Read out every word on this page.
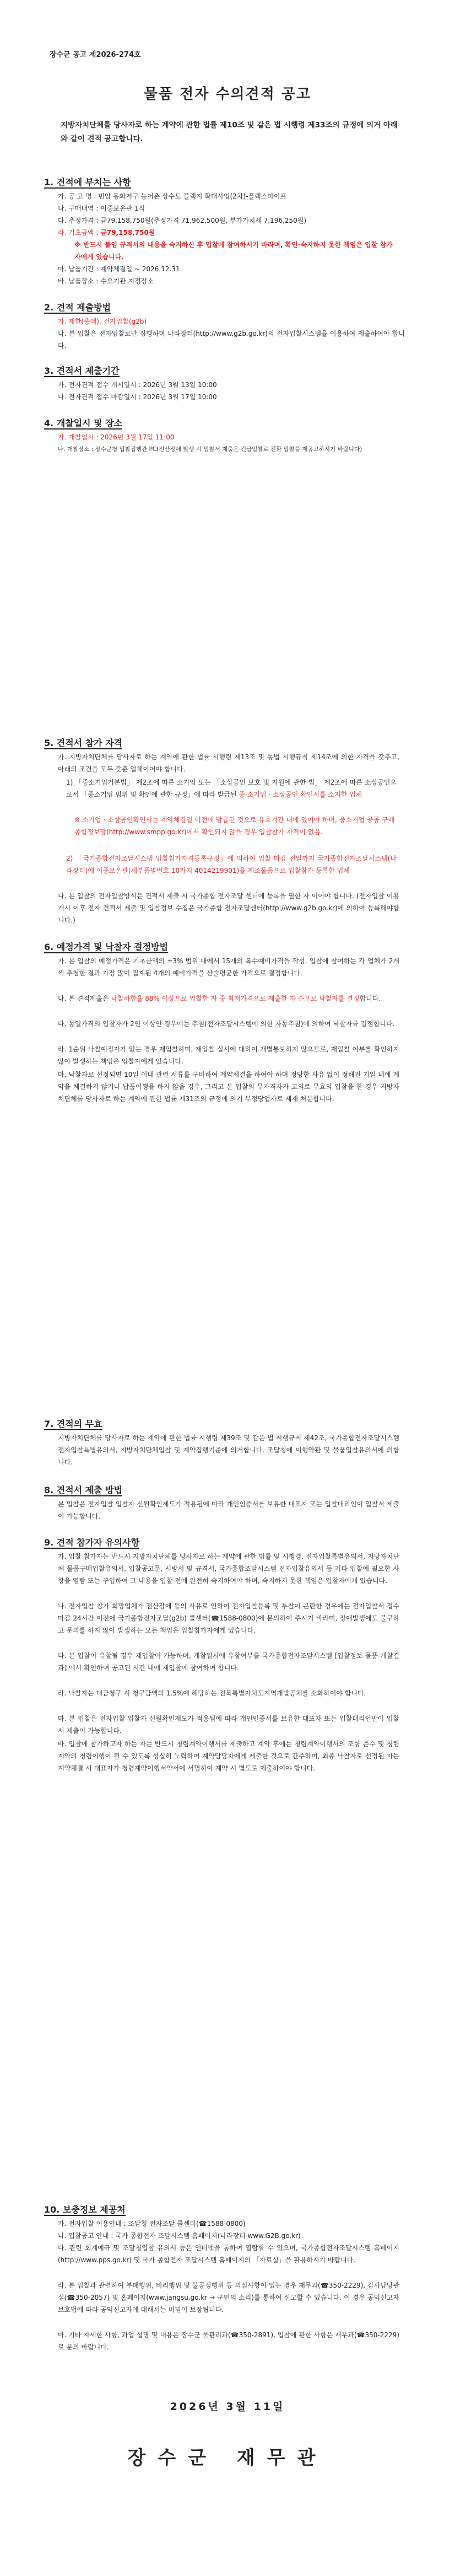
장수군 공고 제2026-274호
물품 전자 수의견적 공고
지방자치단체를 당사자로 하는 계약에 관한 법률 제10조 및 같은 법 시행령 제33조의 규정에 의거 아래와 같이 견적 공고합니다.
1. 견적에 부치는 사항
가. 공 고 명 : 번암 동화저구 농어촌 상수도 블랙지 확대사업(2차)-플렉스파이프
나. 구매내역 : 이중보온관 1식
다. 추정가격 : 금79,158,750원(추정가격 71,962,500원, 부가가치세 7,196,250원)
라. 기초금액 : 금79,158,750원
※ 반드시 붙임 규격서의 내용을 숙지하신 후 입찰에 참여하시기 바라며, 확인·숙지하지 못한 책임은 입찰 참가자에게 있습니다.
마. 납품기간 : 계약체결일 ~ 2026.12.31.
바. 납품장소 : 수요기관 지정장소
2. 견적 제출방법
가. 제한(총액), 전자입찰(g2b)
나. 본 입찰은 전자입찰로만 집행하며 나라장터(http://www.g2b.go.kr)의 전자입찰시스템을 이용하여 제출하여야 합니다.
3. 견적서 제출기간
가. 전자견적 접수 개시일시 : 2026년 3월 13일 10:00
나. 전자견적 접수 마감일시 : 2026년 3월 17일 10:00
4. 개찰일시 및 장소
가. 개찰일시 : 2026년 3월 17일 11:00
나. 개찰장소 : 장수군청 입찰집행관 PC(전산장애 발생 시 입찰서 제출은 긴급입찰로 전환 입찰을 재공고하시기 바랍니다)
5. 견적서 참가 자격
가. 지방자치단체를 당사자로 하는 계약에 관한 법률 시행령 제13조 및 동법 시행규칙 제14조에 의한 자격을 갖추고, 아래의 조건을 모두 갖춘 업체이어야 합니다.
1) 「중소기업기본법」 제2조에 따른 소기업 또는 「소상공인 보호 및 지원에 관한 법」 제2조에 따른 소상공인으로서 「중소기업 범위 및 확인에 관한 규정」에 따라 발급된 중·소기업 · 소상공인 확인서를 소지한 업체
※ 소기업 · 소상공인확인서는 계약체결일 이전에 발급된 것으로 유효기간 내에 있어야 하며, 중소기업 공공 구매 종합정보망(http://www.smpp.go.kr)에서 확인되지 않을 경우 입찰참가 자격이 없음.
2) 「국가종합전자조달시스템 입찰참가자격등록규정」에 의하여 입찰 마감 전일까지 국가종합전자조달시스템(나라장터)에 이중보온관(세부품명번호 10가지 4014219901)을 제조물품으로 입찰참가 등록한 업체
나. 본 입찰의 전자입찰방식은 견적서 제출 시 국가종합 전자조달 센터에 등록을 필한 자 이어야 합니다. (전자입찰 이용개시 이후 전자 견적서 제출 및 입찰정보 수집은 국가종합 전자조달센터(http://www.g2b.go.kr)에 의하여 등록해야합니다.)
6. 예정가격 및 낙찰자 결정방법
가. 본 입찰의 예정가격은 기초금액의 ±3% 범위 내에서 15개의 복수예비가격을 작성, 입찰에 참여하는 각 업체가 2개씩 추첨한 결과 가장 많이 집계된 4개의 예비가격을 산술평균한 가격으로 결정합니다.
나. 본 견적제출은 낙찰하한율 88% 이상으로 입찰한 자 중 최저가격으로 제출한 자 순으로 낙찰자를 결정합니다.
다. 동일가격의 입찰자가 2인 이상인 경우에는 추첨(전자조달시스템에 의한 자동추첨)에 의하여 낙찰자를 결정합니다.
라. 1순위 낙찰예정자가 없는 경우 재입찰하며, 재입찰 실시에 대하여 개별통보하지 않으므로, 재입찰 여부를 확인하지 않아 발생하는 책임은 입찰자에게 있습니다.
마. 낙찰자로 선정되면 10일 이내 관련 서류를 구비하여 계약체결을 하여야 하며 정당한 사유 없이 정해진 기일 내에 계약을 체결하지 않거나 납품이행을 하지 않을 경우, 그리고 본 입찰의 무자격자가 고의로 무효의 입찰을 한 경우 지방자치단체를 당사자로 하는 계약에 관한 법률 제31조의 규정에 의거 부정당업자로 제재 처분합니다.
7. 견적의 무효
지방자치단체를 당사자로 하는 계약에 관한 법률 시행령 제39조 및 같은 법 시행규칙 제42조, 국가종합전자조달시스템전자입찰특별유의서, 지방자치단체입찰 및 계약집행기준에 의거합니다. 조달청에 이행약관 및 물품입찰유의서에 의합니다.
8. 견적서 제출 방법
본 입찰은 전자입찰 입찰자 신원확인제도가 적용됨에 따라 개인인증서를 보유한 대표자 또는 입찰대리인이 입찰서 제출이 가능합니다.
9. 견적 참가자 유의사항
가. 입찰 참가자는 반드시 지방자치단체를 당사자로 하는 계약에 관한 법률 및 시행령, 전자입찰특별유의서, 지방자치단체 물품구매입찰유의서, 입찰공고문, 시방서 및 규격서, 국가종합조달시스템 전자입찰유의서 등 기타 입찰에 필요한 사항을 열람 또는 구입하여 그 내용을 입찰 전에 완전히 숙지하여야 하며, 숙지하지 못한 책임은 입찰자에게 있습니다.
나. 전자입찰 참가 희망업체가 전산장애 등의 사유로 인하여 전자입찰등록 및 투찰이 곤란한 경우에는 전자입찰서 접수마감 24시간 이전에 국가종합전자조달(g2b) 콜센터(☎1588-0800)에 문의하여 주시기 바라며, 장애발생에도 불구하고 문의를 하지 않아 발생하는 모든 책임은 입찰참가자에게 있습니다.
다. 본 입찰이 유찰될 경우 재입찰이 가능하며, 개찰일시에 유찰여부를 국가종합전자조달시스템 [입찰정보-물품-개찰결과] 에서 확인하여 공고된 시간 내에 재입찰에 참여하여 합니다.
라. 낙찰자는 대금청구 시 청구금액의 1.5%에 해당하는 전북특별자치도지역개발공채를 소화하여야 합니다.
마. 본 입찰은 전자입찰 입찰자 신원확인제도가 적용됨에 따라 개인인증서를 보유한 대표자 또는 입찰대리인만이 입찰서 제출이 가능합니다.
바. 입찰에 참가하고자 하는 자는 반드시 청렴계약이행서를 제출하고 계약 후에는 청렴계약이행서의 조항 준수 및 청렴계약의 청렴이행이 될 수 있도록 성실히 노력하여 계약담당자에게 제출한 것으로 간주하며, 최종 낙찰자로 선정된 자는 계약체결 시 대표자가 청렴계약이행서약서에 서명하여 계약 시 별도로 제출하여야 합니다.
10. 보충정보 제공처
가. 전자입찰 이용안내 : 조달청 전자조달 콜센터(☎1588-0800)
나. 입찰공고 안내 : 국가 종합전자 조달시스템 홈페이지(나라장터 www.G2B.go.kr)
다. 관련 회계예규 및 조달청입찰 유의서 등은 인터넷을 통하여 열람할 수 있으며, 국가종합전자조달시스템 홈페이지(http://www.pps.go.kr) 및 국가 종합전자 조달시스템 홈페이지의 「자료실」을 활용하시기 바랍니다.
라. 본 입찰과 관련하여 부패행위, 비리행위 및 불공정행위 등 의심사항이 있는 경우 재무과(☎350-2229), 감사담당관실(☎350-2057) 및 홈페이지(www.jangsu.go.kr → 군민의 소리)를 통하여 신고할 수 있습니다. 이 경우 공익신고자보호법에 따라 공익신고자에 대해서는 비밀이 보장됩니다.
마. 기타 자세한 사항, 과업 설명 및 내용은 장수군 물관리과(☎350-2891), 입찰에 관한 사항은 재무과(☎350-2229)로 문의 바랍니다.
2026년 3월 11일
장수군 재무관
